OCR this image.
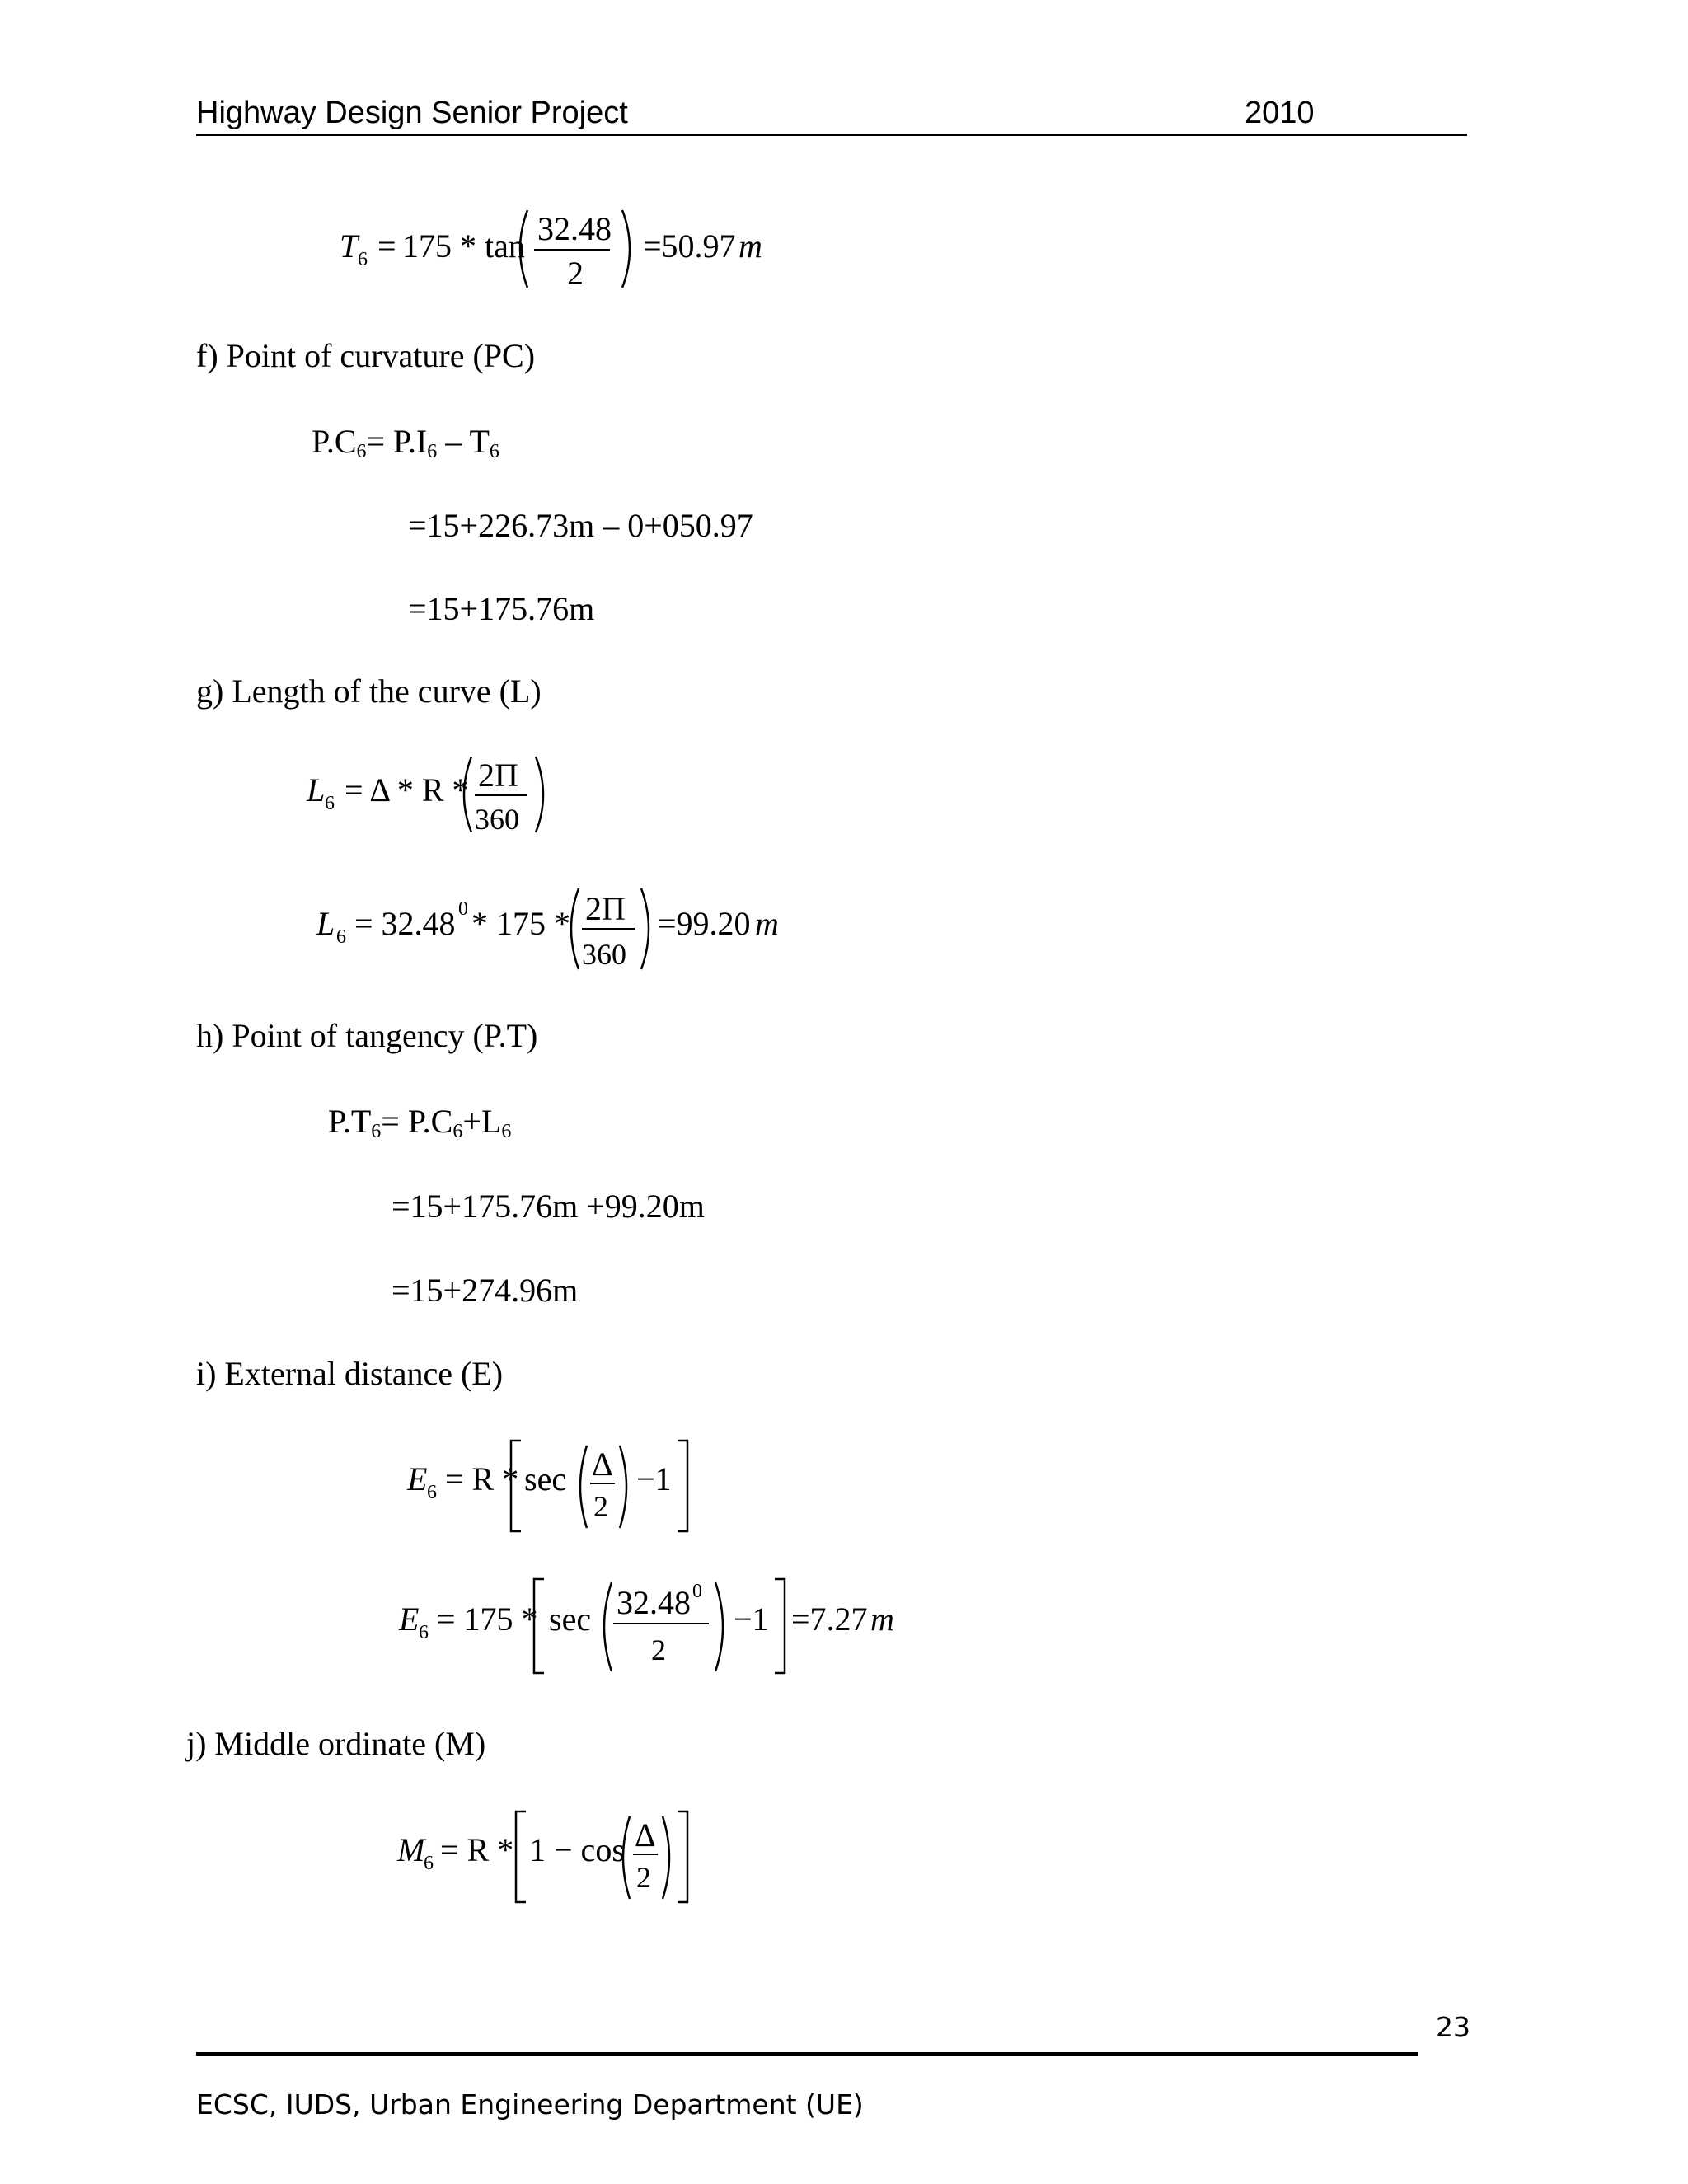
Highway Design Senior Project	2010
T 6 = 175 * tan 32.48
2
=50.97 m
f) Point of curvature (PC)
$P.C_6= P.I_6 - T_6$
=15+226.73m – 0+050.97
=15+175.76m
g) Length of the curve (L)
L 6 = Δ * R * 2Π
360
L 6 = 32.48 0 * 175 * 2Π
360
=99.20 m
h) Point of tangency (P.T)
$P.T_6= P.C_6+L_6$
=15+175.76m +99.20m
=15+274.96m
i) External distance (E)
E 6 = R * sec Δ
2
−1
E 6 = 175 * sec 32.48 0
2
−1 =7.27 m
j) Middle ordinate (M)
M
6 = R * 1 − cos Δ
2
23
ECSC, IUDS, Urban Engineering Department (UE)
